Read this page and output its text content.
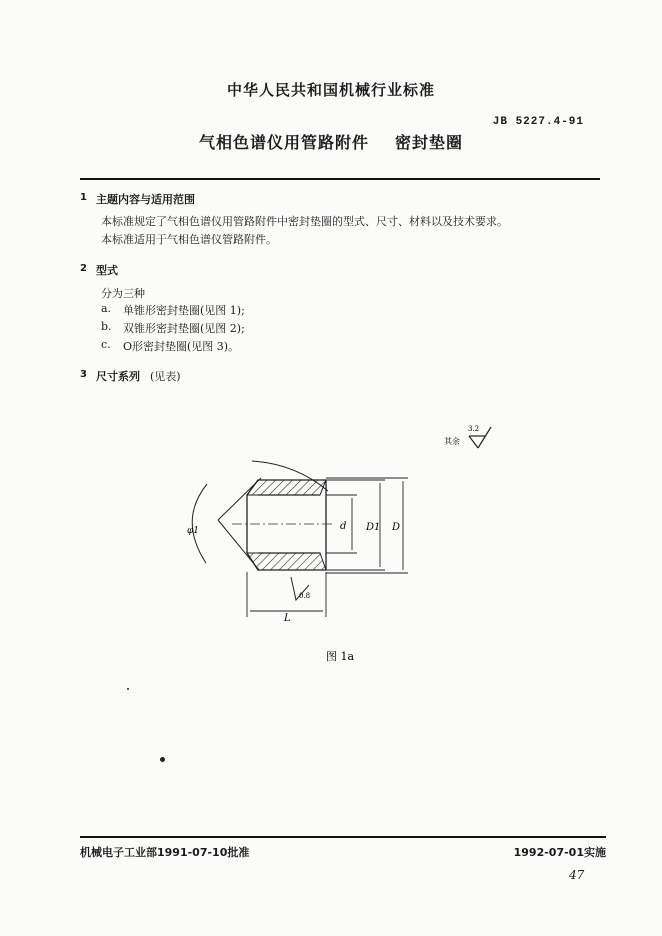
中华人民共和国机械行业标准
JB 5227.4-91
气相色谱仪用管路附件 密封垫圈
1 主题内容与适用范围
本标准规定了气相色谱仪用管路附件中密封垫圈的型式、尺寸、材料以及技术要求。
本标准适用于气相色谱仪管路附件。
2 型式
分为三种
a. 单锥形密封垫圈(见图 1);
b. 双锥形密封垫圈(见图 2);
c. O形密封垫圈(见图 3)。
3 尺寸系列 (见表)
其余
3.2
φ1	d D1 D
L
0.8
图 1a
机械电子工业部1991-07-10批准	1992-07-01实施
47
